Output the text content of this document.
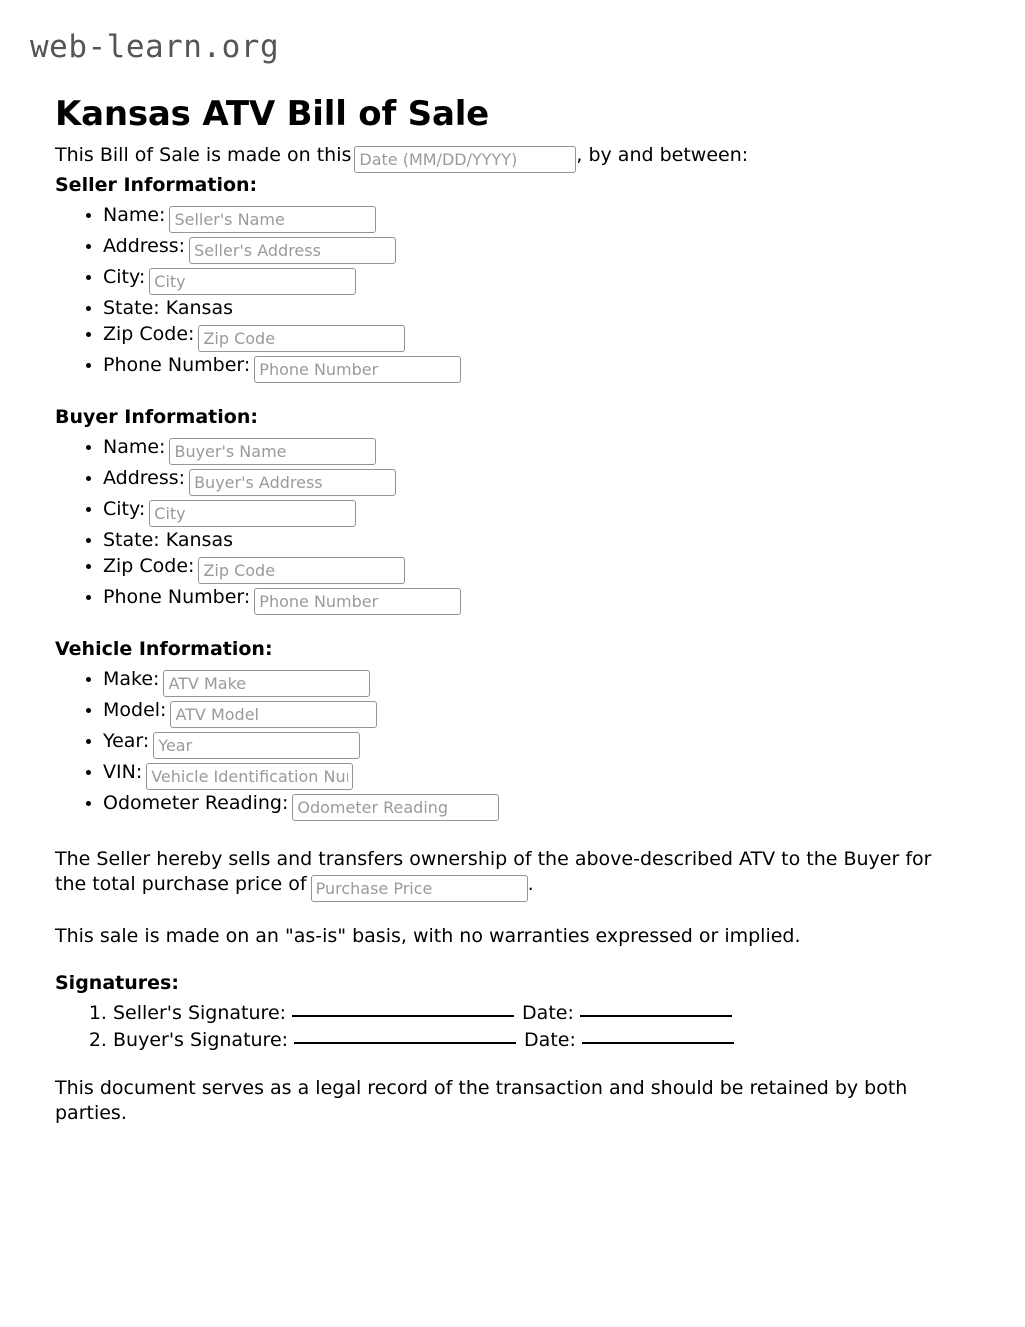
web-learn.org
Kansas ATV Bill of Sale

This Bill of Sale is made on thisDate (MM/DD/YYYY)	, by and between:

Seller Information:
• Name:Seller's Name
• Address:Seller's Address
• City:City
• State: Kansas
• Zip Code:Zip Code
• Phone Number:Phone Number
Buyer Information:
• Name:Buyer's Name
• Address:Buyer's Address
• City:City
• State: Kansas
• Zip Code:Zip Code
• Phone Number:Phone Number
Vehicle Information:
• Make:ATV Make
• Model:ATV Model
• Year:Year
• VIN:Vehicle Identification Number
• Odometer Reading:Odometer Reading

The Seller hereby sells and transfers ownership of the above-described ATV to the Buyer for the total purchase price ofPurchase Price	.

This sale is made on an "as-is" basis, with no warranties expressed or implied.

Signatures:
1. Seller's Signature:	Date:
2. Buyer's Signature:	Date:

This document serves as a legal record of the transaction and should be retained by both parties.
